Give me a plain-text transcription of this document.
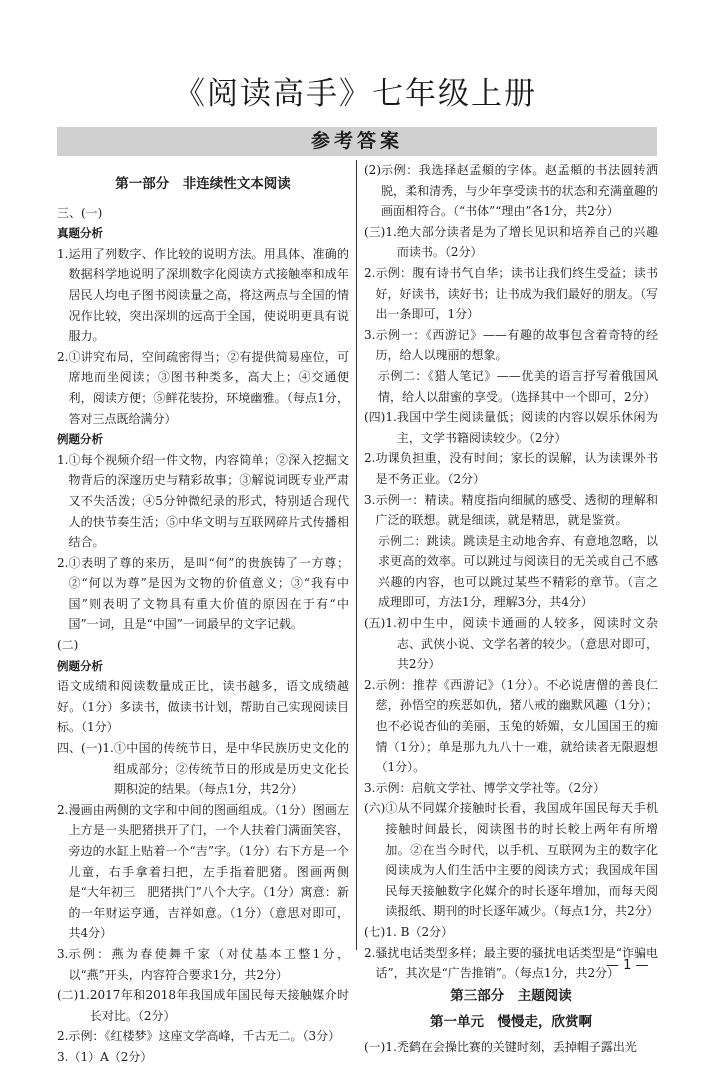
《阅读高手》七年级上册
参考答案
第一部分　非连续性文本阅读
三、(一)
真题分析
1. 运用了列数字、作比较的说明方法。用具体、准确的数据科学地说明了深圳数字化阅读方式接触率和成年居民人均电子图书阅读量之高，将这两点与全国的情况作比较，突出深圳的远高于全国，使说明更具有说服力。
2. ①讲究布局，空间疏密得当；②有提供简易座位，可席地而坐阅读；③图书种类多，高大上；④交通便利，阅读方便；⑤鲜花装扮，环境幽雅。（每点1分，答对三点既给满分）
例题分析
1. ①每个视频介绍一件文物，内容简单；②深入挖掘文物背后的深邃历史与精彩故事；③解说词既专业严肃又不失活泼；④5分钟微纪录的形式，特别适合现代人的快节奏生活；⑤中华文明与互联网碎片式传播相结合。
2. ①表明了尊的来历，是叫“何”的贵族铸了一方尊；②“何以为尊”是因为文物的价值意义；③“我有中国”则表明了文物具有重大价值的原因在于有“中国”一词，且是“中国”一词最早的文字记载。
(二)
例题分析
语文成绩和阅读数量成正比，读书越多，语文成绩越好。（1分）多读书，做读书计划，帮助自己实现阅读目标。（1分）
四、(一)1. ①中国的传统节日，是中华民族历史文化的组成部分；②传统节日的形成是历史文化长期积淀的结果。（每点1分，共2分）
2. 漫画由两侧的文字和中间的图画组成。（1分）图画左上方是一头肥猪拱开了门，一个人扶着门满面笑容，旁边的水缸上贴着一个“吉”字。（1分）右下方是一个儿童，右手拿着扫把，左手指着肥猪。图画两侧是“大年初三　肥猪拱门”八个大字。（1分）寓意：新的一年财运亨通，吉祥如意。（1分）（意思对即可，共4分）
3. 示例：燕为春使舞千家（对仗基本工整1分，以“燕”开头，内容符合要求1分，共2分）
(二)1. 2017年和2018年我国成年国民每天接触媒介时长对比。（2分）
2. 示例：《红楼梦》这座文学高峰，千古无二。（3分）
3.（1）A（2分）
(2) 示例：我选择赵孟頫的字体。赵孟頫的书法圆转洒脱，柔和清秀，与少年享受读书的状态和充满童趣的画面相符合。（“书体”“理由”各1分，共2分）
(三)1. 绝大部分读者是为了增长见识和培养自己的兴趣而读书。（2分）
2. 示例：腹有诗书气自华；读书让我们终生受益；读书好，好读书，读好书；让书成为我们最好的朋友。（写出一条即可，1分）
3. 示例一：《西游记》——有趣的故事包含着奇特的经历，给人以瑰丽的想象。
示例二：《猎人笔记》——优美的语言抒写着俄国风情，给人以甜蜜的享受。（选择其中一个即可，2分）
(四)1. 我国中学生阅读量低；阅读的内容以娱乐休闲为主，文学书籍阅读较少。（2分）
2. 功课负担重，没有时间；家长的误解，认为读课外书是不务正业。（2分）
3. 示例一：精读。精度指向细腻的感受、透彻的理解和广泛的联想。就是细读，就是精思，就是鉴赏。
示例二：跳读。跳读是主动地舍弃、有意地忽略，以求更高的效率。可以跳过与阅读目的无关或自己不感兴趣的内容，也可以跳过某些不精彩的章节。（言之成理即可，方法1分，理解3分，共4分）
(五)1. 初中生中，阅读卡通画的人较多，阅读时文杂志、武侠小说、文学名著的较少。（意思对即可，共2分）
2. 示例：推荐《西游记》（1分）。不必说唐僧的善良仁慈，孙悟空的疾恶如仇，猪八戒的幽默风趣（1分）；也不必说杏仙的美丽，玉兔的娇媚，女儿国国王的痴情（1分）；单是那九九八十一难，就给读者无限遐想（1分）。
3. 示例：启航文学社、博学文学社等。（2分）
(六) ①从不同媒介接触时长看，我国成年国民每天手机接触时间最长，阅读图书的时长較上两年有所增加。②在当今时代，以手机、互联网为主的数字化阅读成为人们生活中主要的阅读方式；我国成年国民每天接触数字化媒介的时长逐年增加，而每天阅读报纸、期刊的时长逐年减少。（每点1分，共2分）
(七)1. B（2分）
2. 骚扰电话类型多样；最主要的骚扰电话类型是“诈骗电话”，其次是“广告推销”。（每点1分，共2分）
第三部分　主题阅读
第一单元　慢慢走，欣赏啊
(一)1. 禿鹤在会操比赛的关键时刻，丢掉帽子露出光
— 1 —
